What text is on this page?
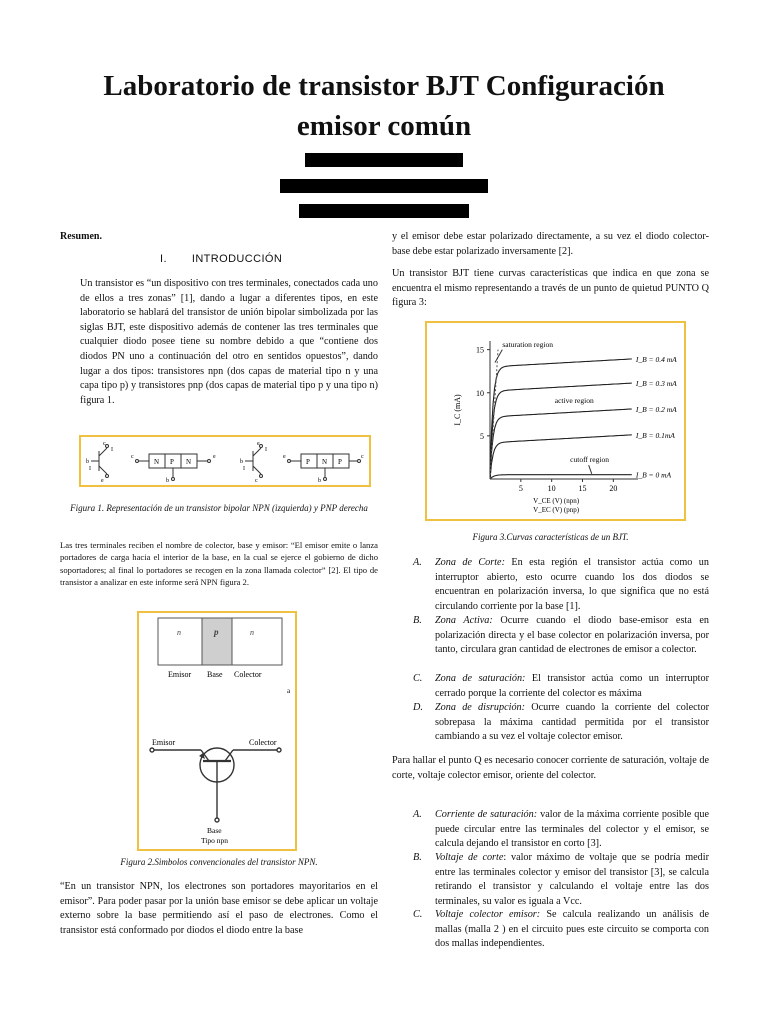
Laboratorio de transistor BJT Configuración emisor común
Resumen.
I. INTRODUCCIÓN

Un transistor es “un dispositivo con tres terminales, conectados cada uno de ellos a tres zonas” [1], dando a lugar a diferentes tipos, en este laboratorio se hablará del transistor de unión bipolar simbolizada por las siglas BJT, este dispositivo además de contener las tres terminales que cualquier diodo posee tiene su nombre debido a que “contiene dos diodos PN uno a continuación del otro en sentidos opuestos”, dando lugar a dos tipos: transistores npn (dos capas de material tipo n y una capa tipo p) y transistores pnp (dos capas de material tipo p y una tipo n) figura 1.

c
b
e
I
I
c	e
b
N P N
e
b
c
I
I
e	c
b
P N P
Figura 1. Representación de un transistor bipolar NPN (izquierda) y PNP derecha

Las tres terminales reciben el nombre de colector, base y emisor: “El emisor emite o lanza portadores de carga hacia el interior de la base, en la cual se ejerce el gobierno de dicho soportadores; al final lo portadores se recogen en la zona llamada colector” [2]. El tipo de transistor a analizar en este informe será NPN figura 2.

n	p	n
Emisor Base Colector
a
Emisor	Colector
Base
Tipo npn
Figura 2.Simbolos convencionales del transistor NPN.

“En un transistor NPN, los electrones son portadores mayoritarios en el emisor”. Para poder pasar por la unión base emisor se debe aplicar un voltaje externo sobre la base permitiendo así el paso de electrones. Como el transistor está conformado por diodos el diodo entre la base

y el emisor debe estar polarizado directamente, a su vez el diodo colector-base debe estar polarizado inversamente [2].

Un transistor BJT tiene curvas características que indica en que zona se encuentra el mismo representando a través de un punto de quietud PUNTO Q figura 3:

5	10	15	20
5
10
15
I_C (mA)
V_CE (V) (npn)
V_EC (V) (pnp)
I_B = 0.4 mA
I_B = 0.3 mA
I_B = 0.2 mA
I_B = 0.1mA
I_B = 0 mA
saturation region
active region
cutoff region
Figura 3.Curvas características de un BJT.
A. Zona de Corte: En esta región el transistor actúa como un interruptor abierto, esto ocurre cuando los dos diodos se encuentran en polarización inversa, lo que significa que no está circulando corriente por la base [1].
B. Zona Activa: Ocurre cuando el diodo base-emisor esta en polarización directa y el base colector en polarización inversa, por tanto, circulara gran cantidad de electrones de emisor a colector.
C. Zona de saturación: El transistor actúa como un interruptor cerrado porque la corriente del colector es máxima
D. Zona de disrupción: Ocurre cuando la corriente del colector sobrepasa la máxima cantidad permitida por el transistor cambiando a su vez el voltaje colector emisor.

Para hallar el punto Q es necesario conocer corriente de saturación, voltaje de corte, voltaje colector emisor, oriente del colector.

A. Corriente de saturación: valor de la máxima corriente posible que puede circular entre las terminales del colector y el emisor, se calcula dejando el transistor en corto [3].
B. Voltaje de corte: valor máximo de voltaje que se podría medir entre las terminales colector y emisor del transistor [3], se calcula retirando el transistor y calculando el voltaje entre las dos terminales, su valor es iguala a Vcc.
C. Voltaje colector emisor: Se calcula realizando un análisis de mallas (malla 2 ) en el circuito pues este circuito se comporta con dos mallas independientes.
